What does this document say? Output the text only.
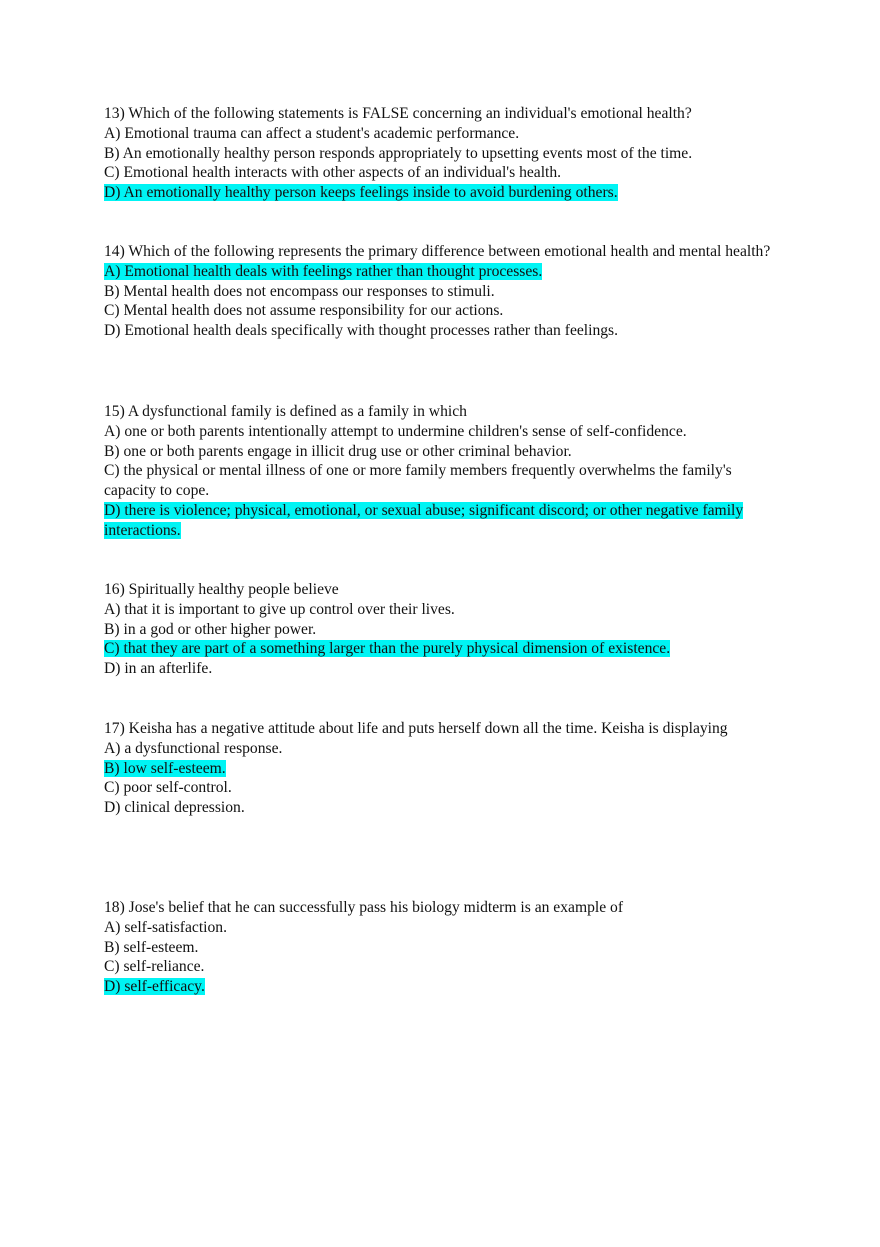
13) Which of the following statements is FALSE concerning an individual's emotional health?
A) Emotional trauma can affect a student's academic performance.
B) An emotionally healthy person responds appropriately to upsetting events most of the time.
C) Emotional health interacts with other aspects of an individual's health.
D) An emotionally healthy person keeps feelings inside to avoid burdening others.
14) Which of the following represents the primary difference between emotional health and mental health?
A) Emotional health deals with feelings rather than thought processes.
B) Mental health does not encompass our responses to stimuli.
C) Mental health does not assume responsibility for our actions.
D) Emotional health deals specifically with thought processes rather than feelings.
15) A dysfunctional family is defined as a family in which
A) one or both parents intentionally attempt to undermine children's sense of self-confidence.
B) one or both parents engage in illicit drug use or other criminal behavior.
C) the physical or mental illness of one or more family members frequently overwhelms the family's capacity to cope.
D) there is violence; physical, emotional, or sexual abuse; significant discord; or other negative family interactions.
16) Spiritually healthy people believe
A) that it is important to give up control over their lives.
B) in a god or other higher power.
C) that they are part of a something larger than the purely physical dimension of existence.
D) in an afterlife.
17) Keisha has a negative attitude about life and puts herself down all the time. Keisha is displaying
A) a dysfunctional response.
B) low self-esteem.
C) poor self-control.
D) clinical depression.
18) Jose's belief that he can successfully pass his biology midterm is an example of
A) self-satisfaction.
B) self-esteem.
C) self-reliance.
D) self-efficacy.
